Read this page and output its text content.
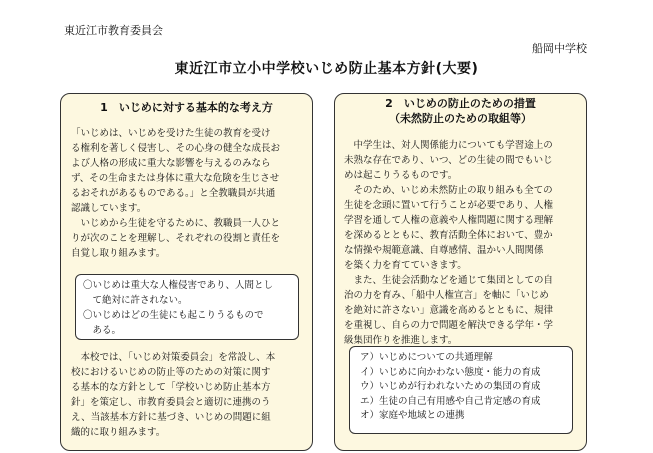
東近江市教育委員会
船岡中学校
東近江市立小中学校いじめ防止基本方針(大要)
1　いじめに対する基本的な考え方

「いじめは、いじめを受けた生徒の教育を受け
る権利を著しく侵害し、その心身の健全な成長お
よび人格の形成に重大な影響を与えるのみなら
ず、その生命または身体に重大な危険を生じさせ
るおそれがあるものである。」と全教職員が共通
認識しています。
　いじめから生徒を守るために、教職員一人ひと
りが次のことを理解し、それぞれの役割と責任を
自覚し取り組みます。

〇いじめは重大な人権侵害であり、人間とし
　て絶対に許されない。
〇いじめはどの生徒にも起こりうるもので
　ある。

　本校では、「いじめ対策委員会」を常設し、本
校におけるいじめの防止等のための対策に関す
る基本的な方針として「学校いじめ防止基本方
針」を策定し、市教育委員会と適切に連携のう
え、当該基本方針に基づき、いじめの問題に組
織的に取り組みます。

2　いじめの防止のための措置
（未然防止のための取組等）

　中学生は、対人関係能力についても学習途上の
未熟な存在であり、いつ、どの生徒の間でもいじ
めは起こりうるものです。
　そのため、いじめ未然防止の取り組みも全ての
生徒を念頭に置いて行うことが必要であり、人権
学習を通して人権の意義や人権問題に関する理解
を深めるとともに、教育活動全体において、豊か
な情操や規範意識、自尊感情、温かい人間関係
を築く力を育てていきます。
　また、生徒会活動などを通じて集団としての自
治の力を育み、「船中人権宣言」を軸に「いじめ
を絶対に許さない」意識を高めるとともに、規律
を重視し、自らの力で問題を解決できる学年・学
級集団作りを推進します。

ア）いじめについての共通理解
イ）いじめに向かわない態度・能力の育成
ウ）いじめが行われないための集団の育成
エ）生徒の自己有用感や自己肯定感の育成
オ）家庭や地域との連携
